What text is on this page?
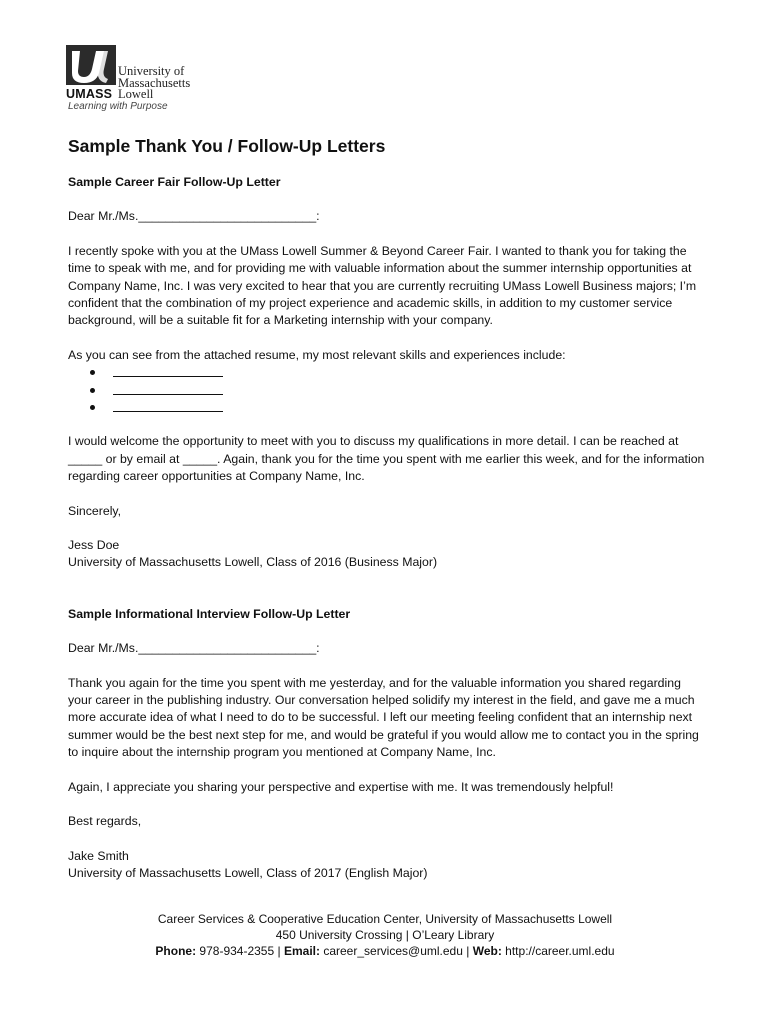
University of
Massachusetts
UMASS Lowell
Learning with Purpose

Sample Thank You / Follow-Up Letters

Sample Career Fair Follow-Up Letter

Dear Mr./Ms.__________________________:

I recently spoke with you at the UMass Lowell Summer & Beyond Career Fair. I wanted to thank you for taking the time to speak with me, and for providing me with valuable information about the summer internship opportunities at Company Name, Inc. I was very excited to hear that you are currently recruiting UMass Lowell Business majors; I’m confident that the combination of my project experience and academic skills, in addition to my customer service background, will be a suitable fit for a Marketing internship with your company.

As you can see from the attached resume, my most relevant skills and experiences include:

I would welcome the opportunity to meet with you to discuss my qualifications in more detail. I can be reached at _____ or by email at _____. Again, thank you for the time you spent with me earlier this week, and for the information regarding career opportunities at Company Name, Inc.

Sincerely,

Jess Doe

University of Massachusetts Lowell, Class of 2016 (Business Major)

Sample Informational Interview Follow-Up Letter

Dear Mr./Ms.__________________________:

Thank you again for the time you spent with me yesterday, and for the valuable information you shared regarding your career in the publishing industry. Our conversation helped solidify my interest in the field, and gave me a much more accurate idea of what I need to do to be successful. I left our meeting feeling confident that an internship next summer would be the best next step for me, and would be grateful if you would allow me to contact you in the spring to inquire about the internship program you mentioned at Company Name, Inc.

Again, I appreciate you sharing your perspective and expertise with me. It was tremendously helpful!

Best regards,

Jake Smith

University of Massachusetts Lowell, Class of 2017 (English Major)

Career Services & Cooperative Education Center, University of Massachusetts Lowell

450 University Crossing | O’Leary Library

Phone: 978-934-2355 | Email: career_services@uml.edu | Web: http://career.uml.edu
